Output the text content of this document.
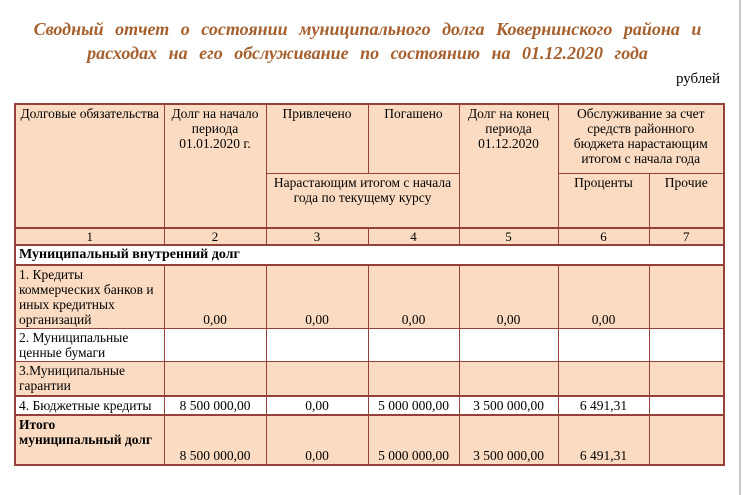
Сводный отчет о состоянии муниципального долга Ковернинского района и
расходах на его обслуживание по состоянию на 01.12.2020 года
рублей
Долговые обязательства	Долг на начало периода 01.01.2020 г.	Привлечено	Погашено	Долг на конец периода 01.12.2020	Обслуживание за счет средств районного бюджета нарастающим итогом с начала года	
		Нарастающим итогом с начала года по текущему курсу			Проценты	Прочие
1	2	3	4	5	6	7
Муниципальный внутренний долг						
1. Кредиты коммерческих банков и иных кредитных организаций	0,00	0,00	0,00	0,00	0,00	
2. Муниципальные ценные бумаги						
3.Муниципальные гарантии						
4. Бюджетные кредиты	8 500 000,00	0,00	5 000 000,00	3 500 000,00	6 491,31	
Итого муниципальный долг	8 500 000,00	0,00	5 000 000,00	3 500 000,00	6 491,31	
